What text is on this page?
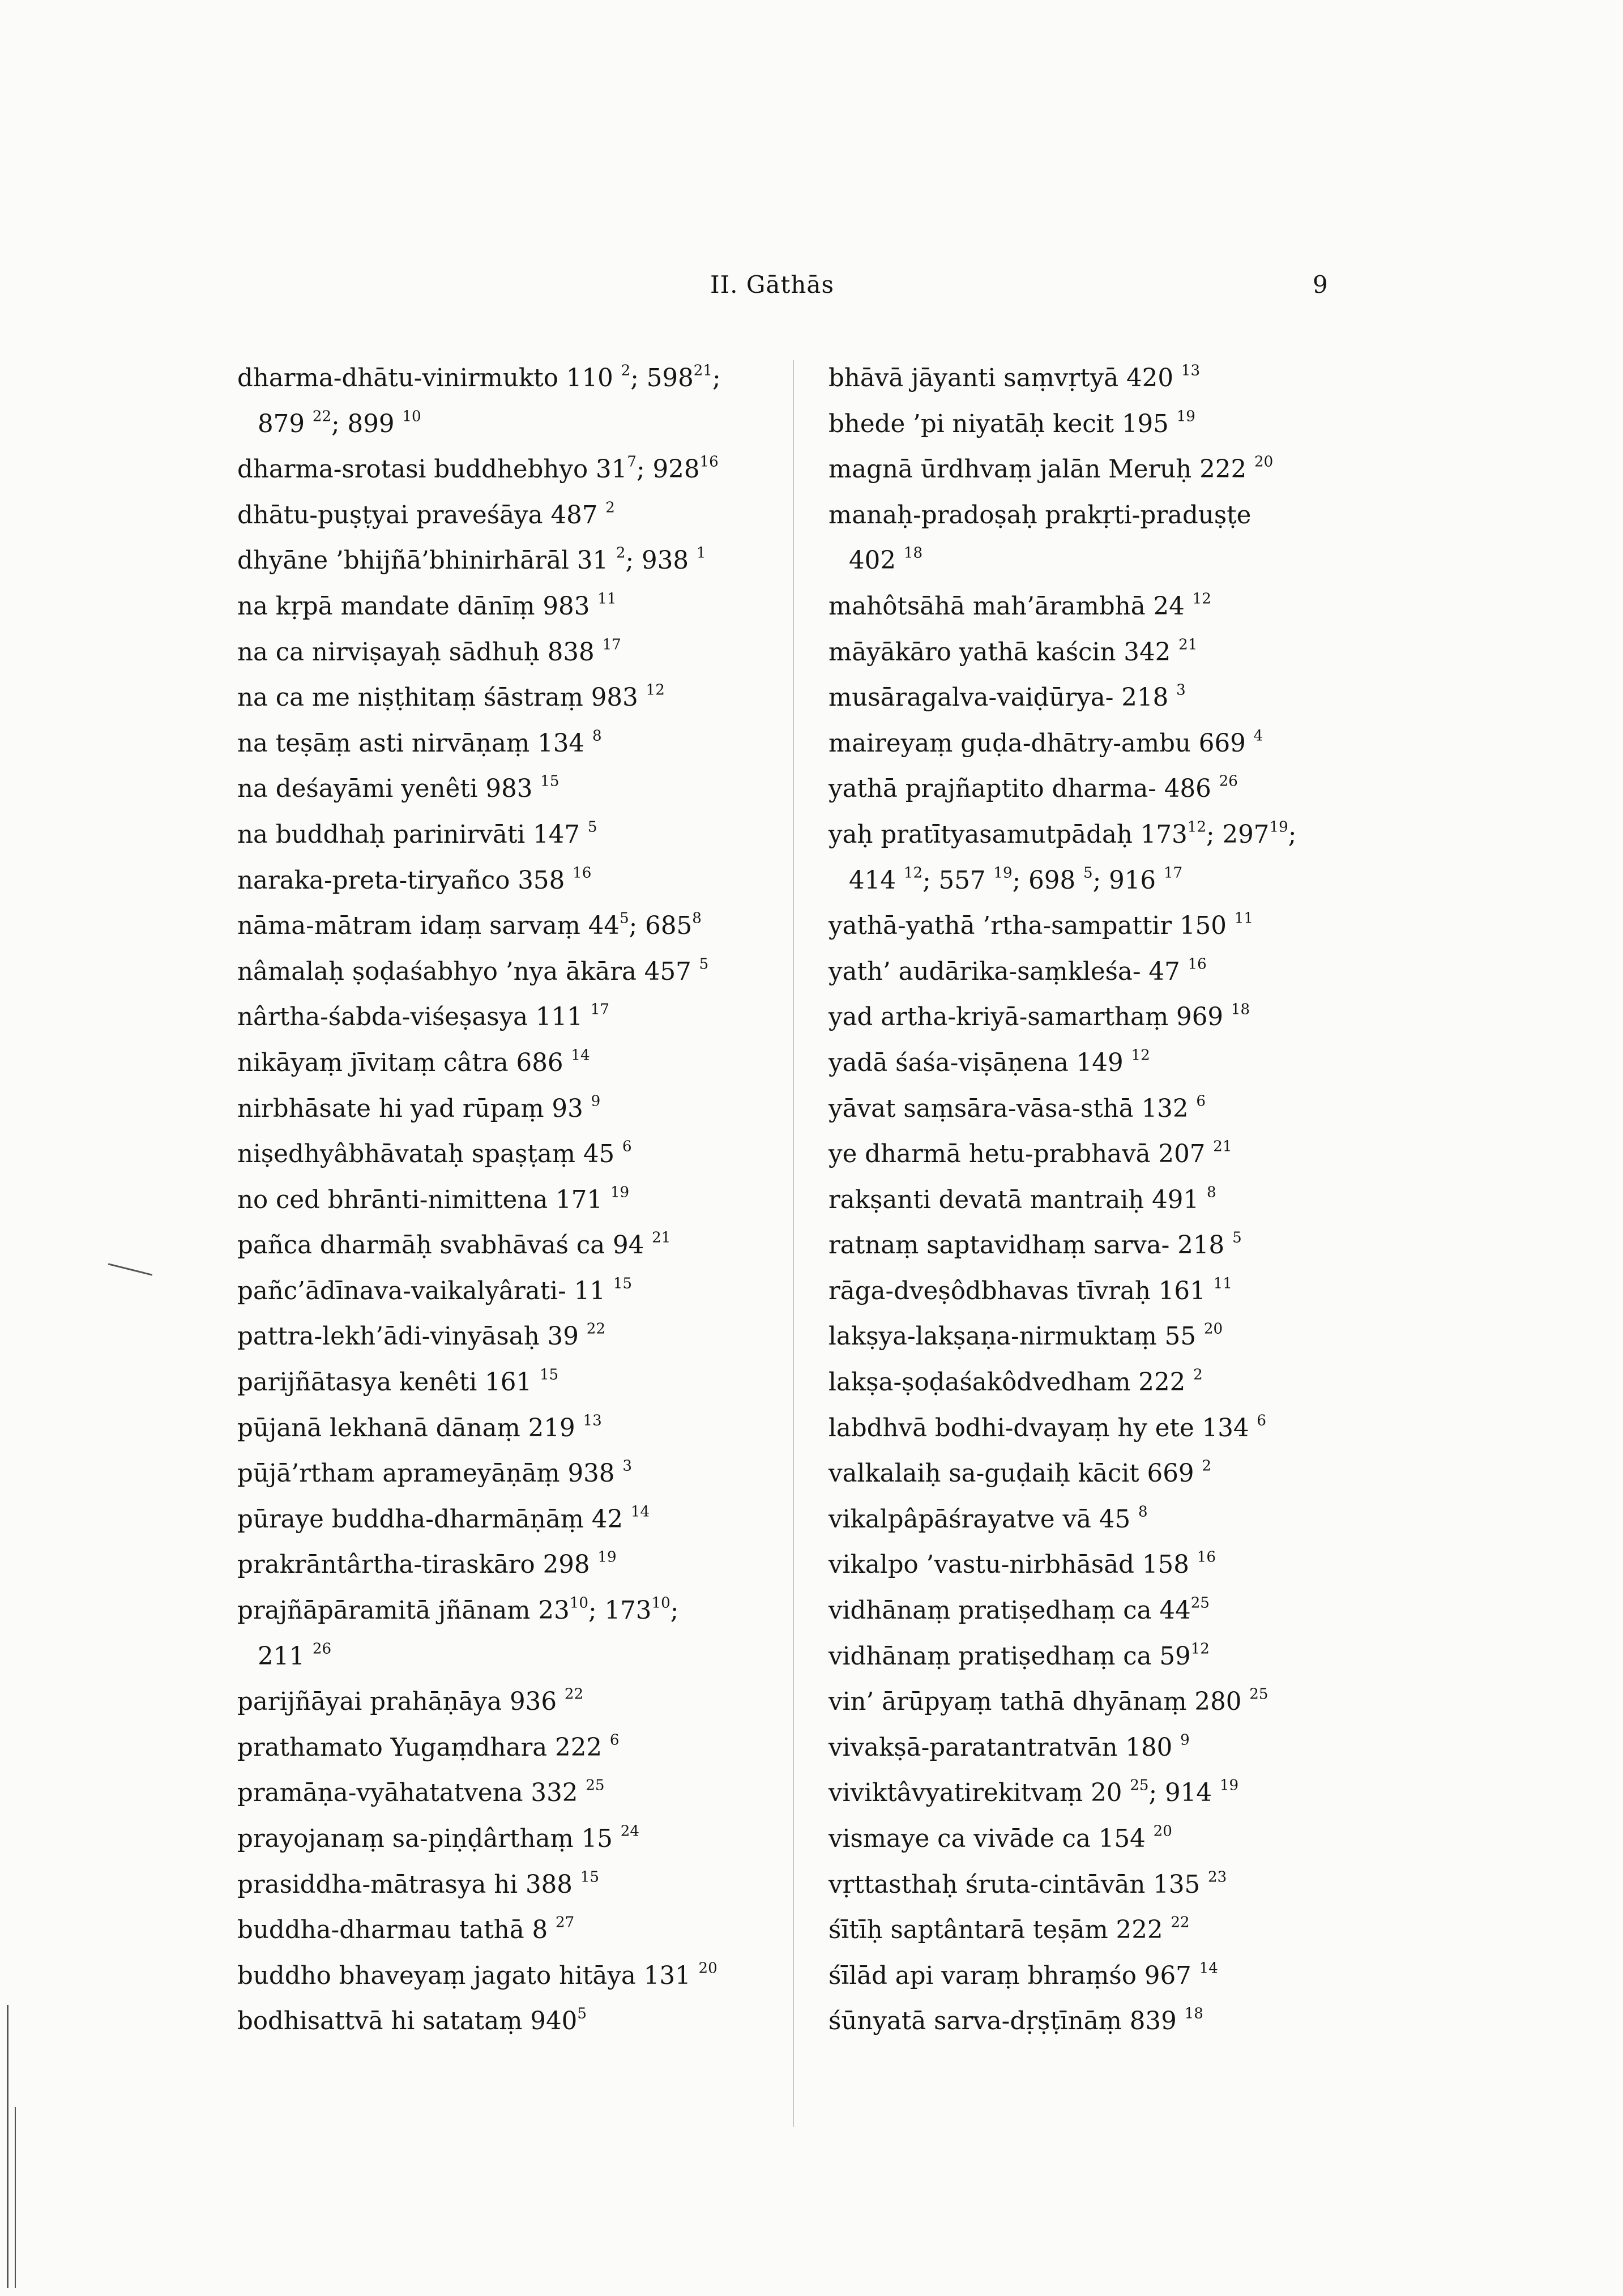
II. Gāthās	9
dharma-dhātu-vinirmukto 110 $^2$; $598^{21}$;
879 $^{22}$; 899 $^{10}$
dharma-srotasi buddhebhyo $31^7$; $928^{16}$
dhātu-puṣṭyai praveśāya 487 $^2$
dhyāne ’bhijñā’bhinirhārāl 31 $^2$; 938 $^1$
na kṛpā mandate dānīṃ 983 $^{11}$
na ca nirviṣayaḥ sādhuḥ 838 $^{17}$
na ca me niṣṭhitaṃ śāstraṃ 983 $^{12}$
na teṣāṃ asti nirvāṇaṃ 134 $^8$
na deśayāmi yenêti 983 $^{15}$
na buddhaḥ parinirvāti 147 $^5$
naraka-preta-tiryañco 358 $^{16}$
nāma-mātram idaṃ sarvaṃ $44^5$; $685^8$
nâmalaḥ ṣoḍaśabhyo ’nya ākāra 457 $^5$
nârtha-śabda-viśeṣasya 111 $^{17}$
nikāyaṃ jīvitaṃ câtra 686 $^{14}$
nirbhāsate hi yad rūpaṃ 93 $^9$
niṣedhyâbhāvataḥ spaṣṭaṃ 45 $^6$
no ced bhrānti-nimittena 171 $^{19}$
pañca dharmāḥ svabhāvaś ca 94 $^{21}$
pañc’ādīnava-vaikalyârati- 11 $^{15}$
pattra-lekh’ādi-vinyāsaḥ 39 $^{22}$
parijñātasya kenêti 161 $^{15}$
pūjanā lekhanā dānaṃ 219 $^{13}$
pūjā’rtham aprameyāṇāṃ 938 $^3$
pūraye buddha-dharmāṇāṃ 42 $^{14}$
prakrāntârtha-tiraskāro 298 $^{19}$
prajñāpāramitā jñānam $23^{10}$; $173^{10}$;
211 $^{26}$
parijñāyai prahāṇāya 936 $^{22}$
prathamato Yugaṃdhara 222 $^6$
pramāṇa-vyāhatatvena 332 $^{25}$
prayojanaṃ sa-piṇḍârthaṃ 15 $^{24}$
prasiddha-mātrasya hi 388 $^{15}$
buddha-dharmau tathā 8 $^{27}$
buddho bhaveyaṃ jagato hitāya 131 $^{20}$
bodhisattvā hi satataṃ $940^5$
bhāvā jāyanti saṃvṛtyā 420 $^{13}$
bhede ’pi niyatāḥ kecit 195 $^{19}$
magnā ūrdhvaṃ jalān Meruḥ 222 $^{20}$
manaḥ-pradoṣaḥ prakṛti-praduṣṭe
402 $^{18}$
mahôtsāhā mah’ārambhā 24 $^{12}$
māyākāro yathā kaścin 342 $^{21}$
musāragalva-vaiḍūrya- 218 $^3$
maireyaṃ guḍa-dhātry-ambu 669 $^4$
yathā prajñaptito dharma- 486 $^{26}$
yaḥ pratītyasamutpādaḥ $173^{12}$; $297^{19}$;
414 $^{12}$; 557 $^{19}$; 698 $^5$; 916 $^{17}$
yathā-yathā ’rtha-sampattir 150 $^{11}$
yath’ audārika-saṃkleśa- 47 $^{16}$
yad artha-kriyā-samarthaṃ 969 $^{18}$
yadā śaśa-viṣāṇena 149 $^{12}$
yāvat saṃsāra-vāsa-sthā 132 $^6$
ye dharmā hetu-prabhavā 207 $^{21}$
rakṣanti devatā mantraiḥ 491 $^8$
ratnaṃ saptavidhaṃ sarva- 218 $^5$
rāga-dveṣôdbhavas tīvraḥ 161 $^{11}$
lakṣya-lakṣaṇa-nirmuktaṃ 55 $^{20}$
lakṣa-ṣoḍaśakôdvedham 222 $^2$
labdhvā bodhi-dvayaṃ hy ete 134 $^6$
valkalaiḥ sa-guḍaiḥ kācit 669 $^2$
vikalpâpāśrayatve vā 45 $^8$
vikalpo ’vastu-nirbhāsād 158 $^{16}$
vidhānaṃ pratiṣedhaṃ ca $44^{25}$
vidhānaṃ pratiṣedhaṃ ca $59^{12}$
vin’ ārūpyaṃ tathā dhyānaṃ 280 $^{25}$
vivakṣā-paratantratvān 180 $^9$
viviktâvyatirekitvaṃ 20 $^{25}$; 914 $^{19}$
vismaye ca vivāde ca 154 $^{20}$
vṛttasthaḥ śruta-cintāvān 135 $^{23}$
śītīḥ saptântarā teṣām 222 $^{22}$
śīlād api varaṃ bhraṃśo 967 $^{14}$
śūnyatā sarva-dṛṣṭīnāṃ 839 $^{18}$
